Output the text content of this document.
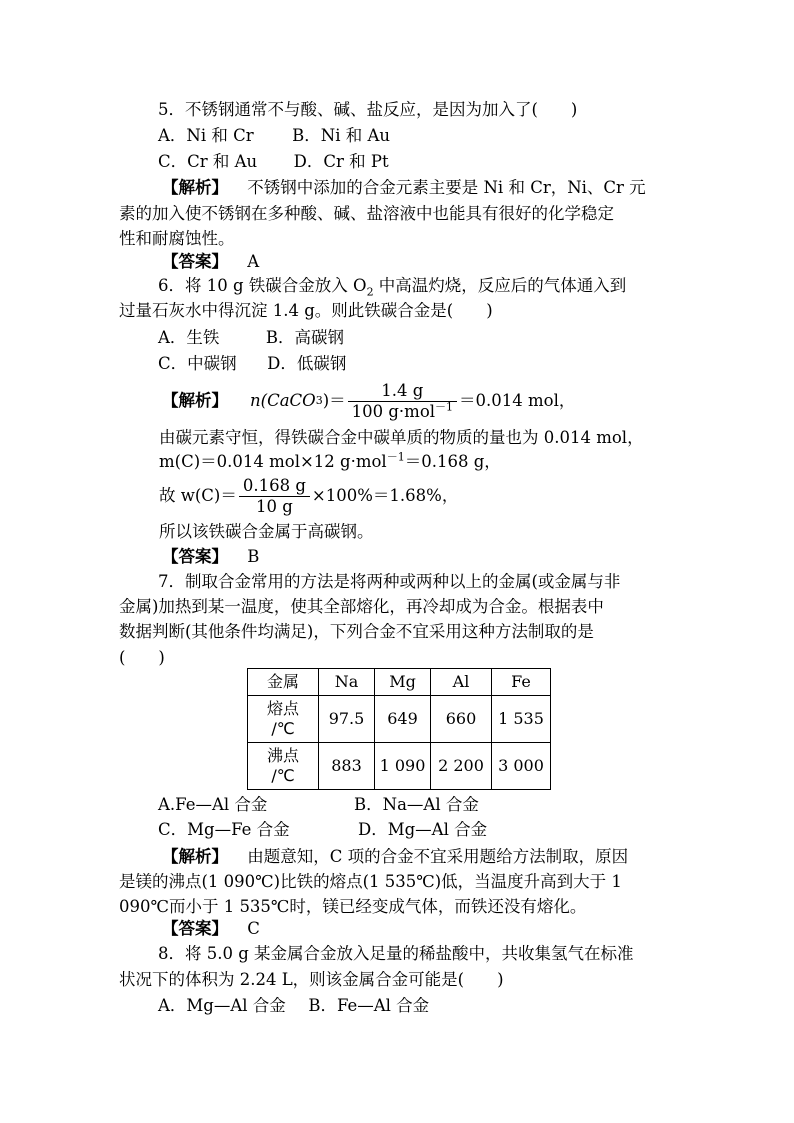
5．不锈钢通常不与酸、碱、盐反应，是因为加入了(　　)
A．Ni 和 Cr B．Ni 和 Au
C．Cr 和 Au D．Cr 和 Pt
【解析】 不锈钢中添加的合金元素主要是 Ni 和 Cr，Ni、Cr 元
素的加入使不锈钢在多种酸、碱、盐溶液中也能具有很好的化学稳定
性和耐腐蚀性。
【答案】 A
6．将 10 g 铁碳合金放入 $O_2$ 中高温灼烧，反应后的气体通入到
过量石灰水中得沉淀 1.4 g。则此铁碳合金是(　　)
A．生铁	B．高碳钢
C．中碳钢 D．低碳钢
【解析】 n(CaCO 3 )＝ $\frac{1.4 g}{100 g\cdot mol^{-1}} =0.014$ mol，
由碳元素守恒，得铁碳合金中碳单质的物质的量也为 0.014 mol，
m(C)＝0.014 mol×12 g·mol$^{-1}$＝0.168 g，
故 $w(C)= \frac{0.168 g}{10 g} \times 100\%=1.68\%$，
所以该铁碳合金属于高碳钢。
【答案】 B
7．制取合金常用的方法是将两种或两种以上的金属(或金属与非
金属)加热到某一温度，使其全部熔化，再冷却成为合金。根据表中
数据判断(其他条件均满足)，下列合金不宜采用这种方法制取的是
(　　)
金属	Na	Mg	Al	Fe
熔点
/℃	97.5	649	660	1 535
沸点
/℃	883	1 090	2 200	3 000
A.Fe—Al 合金	B．Na—Al 合金
C．Mg—Fe 合金	D．Mg—Al 合金
【解析】 由题意知，C 项的合金不宜采用题给方法制取，原因
是镁的沸点(1 090℃)比铁的熔点(1 535℃)低，当温度升高到大于 1
090℃而小于 1 535℃时，镁已经变成气体，而铁还没有熔化。
【答案】 C
8．将 5.0 g 某金属合金放入足量的稀盐酸中，共收集氢气在标准
状况下的体积为 2.24 L，则该金属合金可能是(　　)
A．Mg—Al 合金 B．Fe—Al 合金
